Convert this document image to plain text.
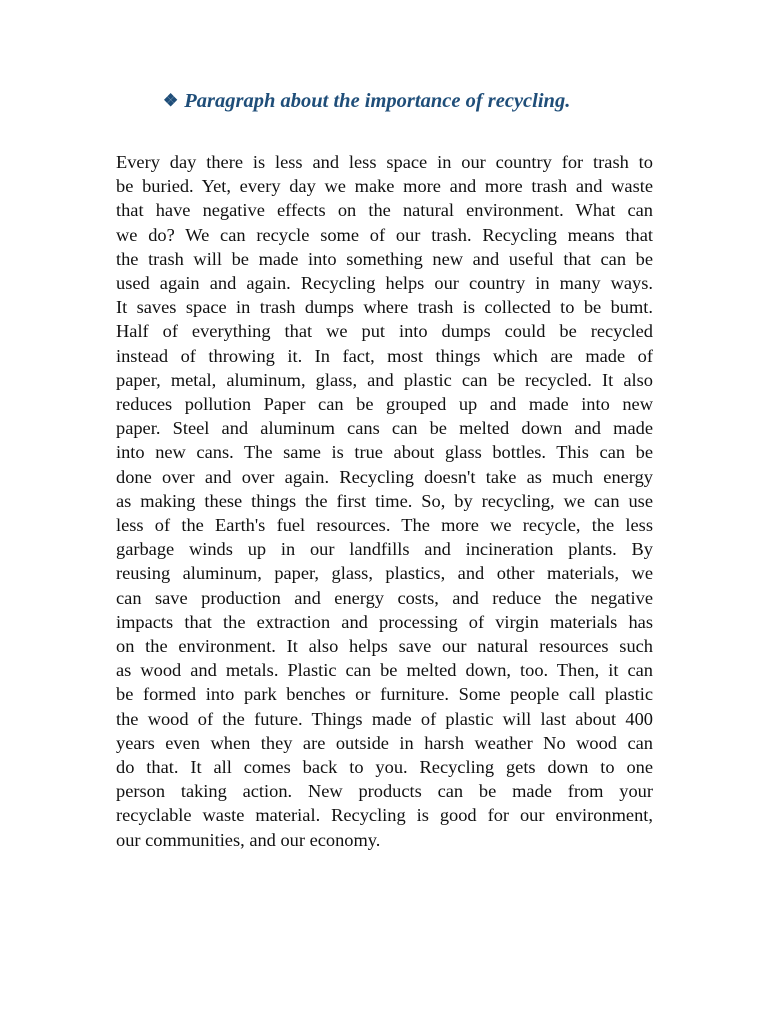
❖ Paragraph about the importance of recycling.
Every day there is less and less space in our country for trash to
be buried. Yet, every day we make more and more trash and waste
that have negative effects on the natural environment. What can
we do? We can recycle some of our trash. Recycling means that
the trash will be made into something new and useful that can be
used again and again. Recycling helps our country in many ways.
It saves space in trash dumps where trash is collected to be bumt.
Half of everything that we put into dumps could be recycled
instead of throwing it. In fact, most things which are made of
paper, metal, aluminum, glass, and plastic can be recycled. It also
reduces pollution Paper can be grouped up and made into new
paper. Steel and aluminum cans can be melted down and made
into new cans. The same is true about glass bottles. This can be
done over and over again. Recycling doesn't take as much energy
as making these things the first time. So, by recycling, we can use
less of the Earth's fuel resources. The more we recycle, the less
garbage winds up in our landfills and incineration plants. By
reusing aluminum, paper, glass, plastics, and other materials, we
can save production and energy costs, and reduce the negative
impacts that the extraction and processing of virgin materials has
on the environment. It also helps save our natural resources such
as wood and metals. Plastic can be melted down, too. Then, it can
be formed into park benches or furniture. Some people call plastic
the wood of the future. Things made of plastic will last about 400
years even when they are outside in harsh weather No wood can
do that. It all comes back to you. Recycling gets down to one
person taking action. New products can be made from your
recyclable waste material. Recycling is good for our environment,
our communities, and our economy.
